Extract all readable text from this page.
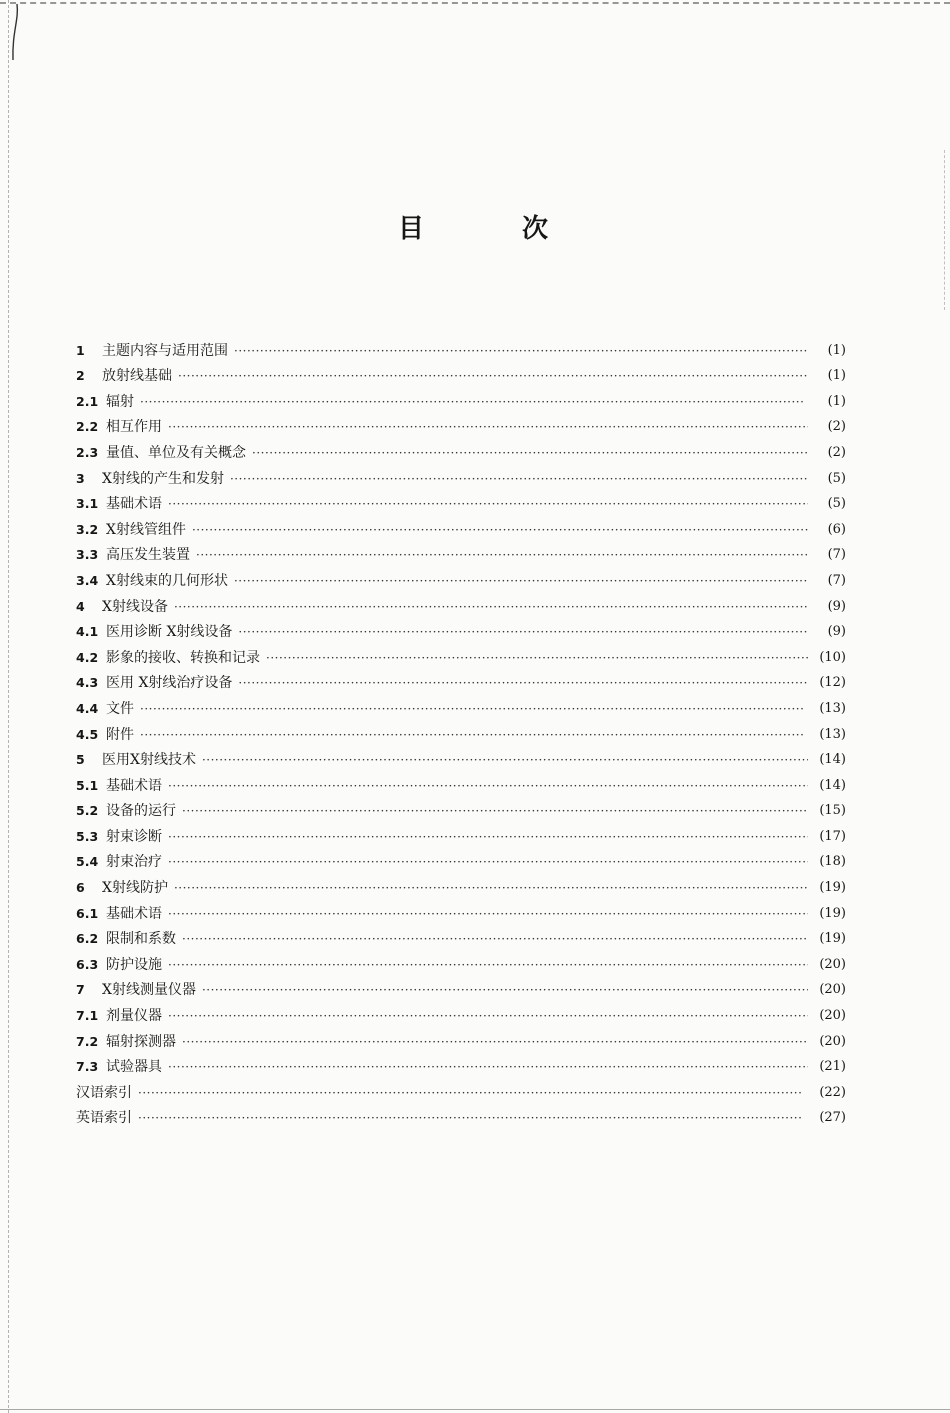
目	次
1	主题内容与适用范围 ·····	(1)
2	放射线基础 ·····	(1)
2.1 辐射 ·····	(1)
2.2 相互作用 ·····	(2)
2.3 量值、单位及有关概念 ·····	(2)
3	X射线的产生和发射 ·····	(5)
3.1 基础术语 ·····	(5)
3.2 X射线管组件 ·····	(6)
3.3 高压发生装置 ·····	(7)
3.4 X射线束的几何形状 ·····	(7)
4	X射线设备 ·····	(9)
4.1 医用诊断 X射线设备 ·····	(9)
4.2 影象的接收、转换和记录 ·····	(10)
4.3 医用 X射线治疗设备 ·····	(12)
4.4 文件 ·····	(13)
4.5 附件 ·····	(13)
5	医用X射线技术 ·····	(14)
5.1 基础术语 ·····	(14)
5.2 设备的运行 ·····	(15)
5.3 射束诊断 ·····	(17)
5.4 射束治疗 ·····	(18)
6	X射线防护 ·····	(19)
6.1 基础术语 ·····	(19)
6.2 限制和系数 ·····	(19)
6.3 防护设施 ·····	(20)
7	X射线测量仪器 ·····	(20)
7.1 剂量仪器 ·····	(20)
7.2 辐射探测器 ·····	(20)
7.3 试验器具 ·····	(21)
汉语索引 ·····	(22)
英语索引 ·····	(27)
